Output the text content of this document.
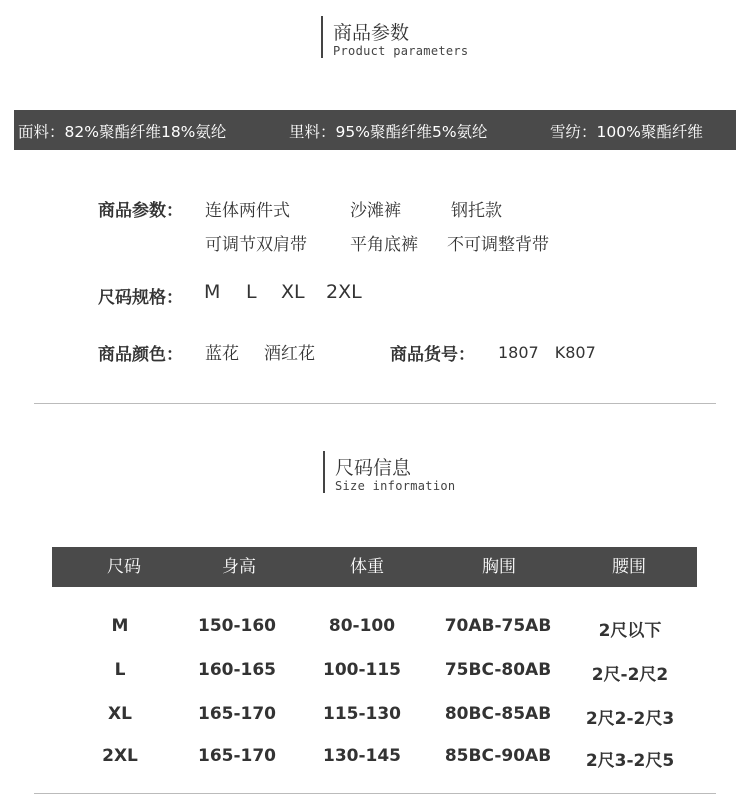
商品参数
Product parameters
面料：82%聚酯纤维18%氨纶	里料：95%聚酯纤维5%氨纶	雪纺：100%聚酯纤维
商品参数： 连体两件式	沙滩裤	钢托款
可调节双肩带	平角底裤 不可调整背带
尺码规格： M L XL 2XL
商品颜色： 蓝花 酒红花	商品货号： 1807　K807
尺码信息
Size information
尺码	身高	体重	胸围	腰围
M	150-160	80-100	70AB-75AB	2尺以下
L	160-165	100-115	75BC-80AB	2尺-2尺2
XL	165-170	115-130	80BC-85AB	2尺2-2尺3
2XL	165-170	130-145	85BC-90AB	2尺3-2尺5
